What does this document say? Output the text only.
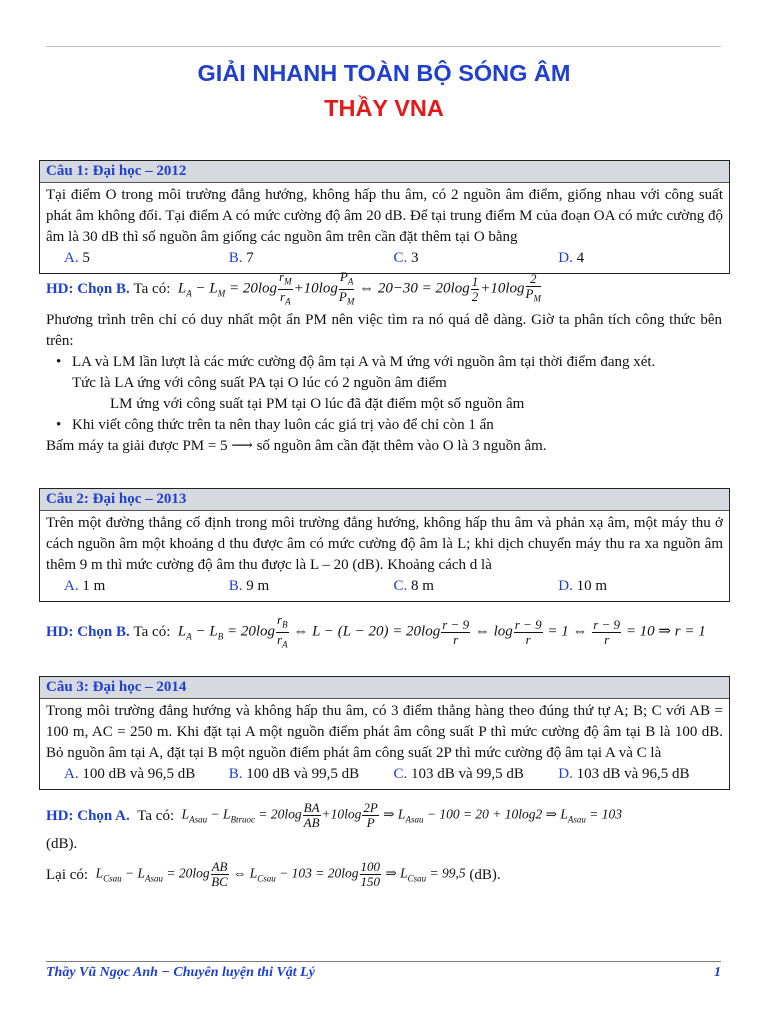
GIẢI NHANH TOÀN BỘ SÓNG ÂM
THẦY VNA
Câu 1: Đại học – 2012
Tại điểm O trong môi trường đẳng hướng, không hấp thu âm, có 2 nguồn âm điểm, giống nhau với công suất phát âm không đổi. Tại điểm A có mức cường độ âm 20 dB. Để tại trung điểm M của đoạn OA có mức cường độ âm là 30 dB thì số nguồn âm giống các nguồn âm trên cần đặt thêm tại O bằng
A. 5	B. 7	C. 3	D. 4
HD: Chọn B.
Ta có:
$L_A - L_M = 20\log \frac{r_M}{r_A} +10\log \frac{P_A}{P_M}$ ⇔ $20-30 = 20\log \frac{1}{2} +10\log \frac{2}{P_M}$
Phương trình trên chỉ có duy nhất một ẩn PM nên việc tìm ra nó quá dễ dàng. Giờ ta phân tích công thức bên trên:
• LA và LM lần lượt là các mức cường độ âm tại A và M ứng với nguồn âm tại thời điểm đang xét.
Tức là LA ứng với công suất PA tại O lúc có 2 nguồn âm điểm
LM ứng với công suất tại PM tại O lúc đã đặt điểm một số nguồn âm
• Khi viết công thức trên ta nên thay luôn các giá trị vào để chỉ còn 1 ẩn
Bấm máy ta giải được PM = 5 ⟶ số nguồn âm cần đặt thêm vào O là 3 nguồn âm.
Câu 2: Đại học – 2013
Trên một đường thẳng cố định trong môi trường đẳng hướng, không hấp thu âm và phản xạ âm, một máy thu ở cách nguồn âm một khoảng d thu được âm có mức cường độ âm là L; khi dịch chuyển máy thu ra xa nguồn âm thêm 9 m thì mức cường độ âm thu được là L – 20 (dB). Khoảng cách d là
A. 1 m	B. 9 m	C. 8 m	D. 10 m
HD: Chọn B.
Ta có:
$L_A - L_B = 20\log \frac{r_B}{r_A}$ ⇔ $L - (L - 20) = 20\log \frac{r - 9}{r}$ ⇔ $\log \frac{r - 9}{r} = 1$ ⇔ $\frac{r - 9}{r} = 10$ ⇒ r = 1
Câu 3: Đại học – 2014
Trong môi trường đẳng hướng và không hấp thu âm, có 3 điểm thẳng hàng theo đúng thứ tự A; B; C với AB = 100 m, AC = 250 m. Khi đặt tại A một nguồn điểm phát âm công suất P thì mức cường độ âm tại B là 100 dB. Bỏ nguồn âm tại A, đặt tại B một nguồn điểm phát âm công suất 2P thì mức cường độ âm tại A và C là
A. 100 dB và 96,5 dB	B. 100 dB và 99,5 dB	C. 103 dB và 99,5 dB	D. 103 dB và 96,5 dB
HD: Chọn A.
Ta có:
$L_{Asau} - L_{Btruoc} = 20\log \frac{BA}{AB} +10\log \frac{2P}{P}$ ⇒ $L_{Asau} - 100 = 20 + 10\log 2$ ⇒ $L_{Asau} = 103$
(dB).
Lại có:
$L_{Csau} - L_{Asau} = 20\log \frac{AB}{BC}$ ⇔ $L_{Csau} - 103 = 20\log \frac{100}{150}$ ⇒ $L_{Csau} = 99,5$
(dB).
Thầy Vũ Ngọc Anh − Chuyên luyện thi Vật Lý	1
